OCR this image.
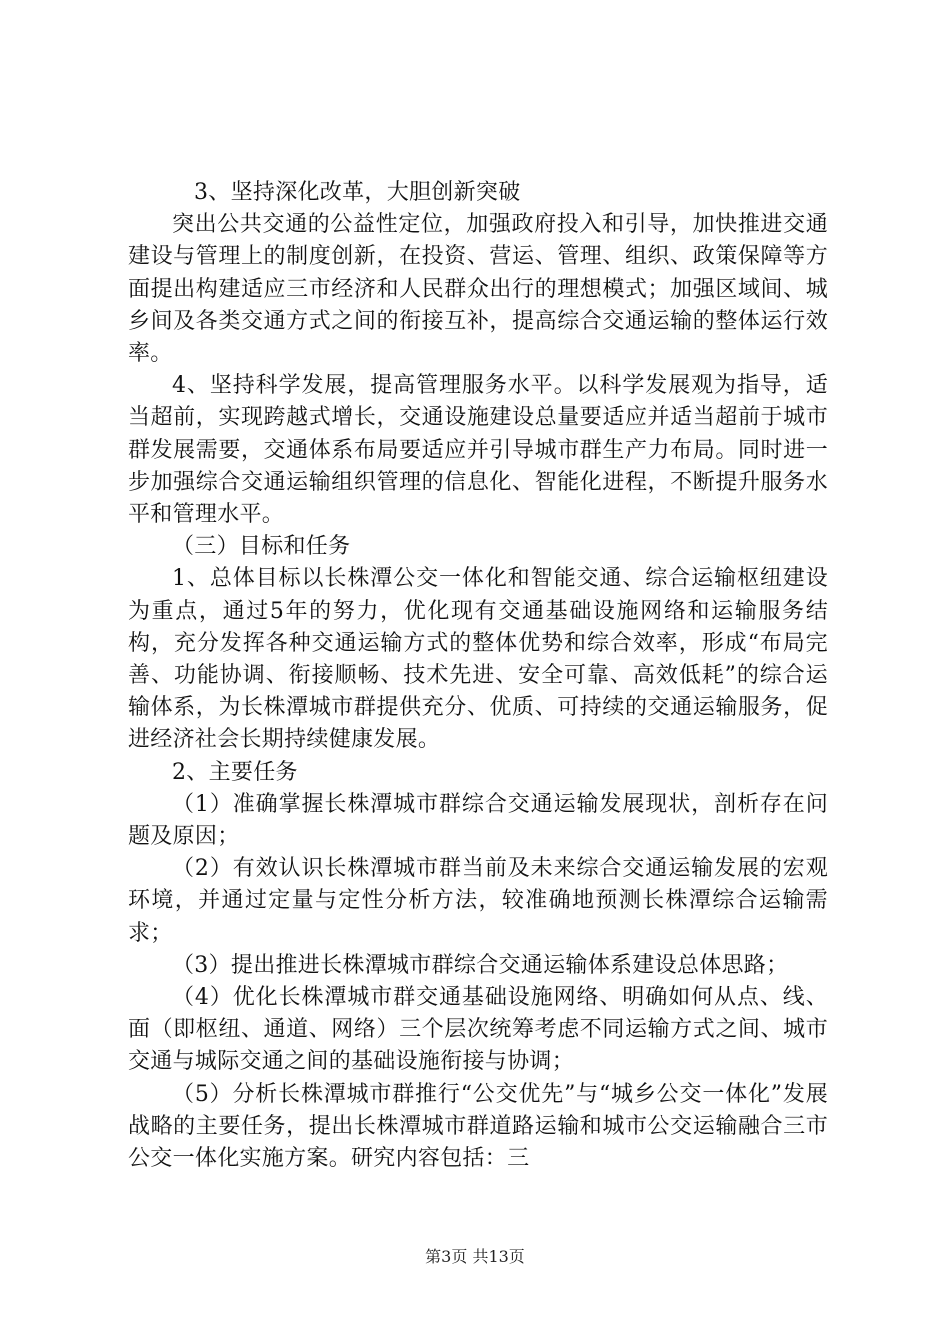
3、坚持深化改革，大胆创新突破

突出公共交通的公益性定位，加强政府投入和引导，加快推进交通建设与管理上的制度创新，在投资、营运、管理、组织、政策保障等方面提出构建适应三市经济和人民群众出行的理想模式；加强区域间、城乡间及各类交通方式之间的衔接互补，提高综合交通运输的整体运行效率。

4、坚持科学发展，提高管理服务水平。以科学发展观为指导，适当超前，实现跨越式增长，交通设施建设总量要适应并适当超前于城市群发展需要，交通体系布局要适应并引导城市群生产力布局。同时进一步加强综合交通运输组织管理的信息化、智能化进程，不断提升服务水平和管理水平。

（三）目标和任务

1、总体目标以长株潭公交一体化和智能交通、综合运输枢纽建设为重点，通过5年的努力，优化现有交通基础设施网络和运输服务结构，充分发挥各种交通运输方式的整体优势和综合效率，形成“布局完善、功能协调、衔接顺畅、技术先进、安全可靠、高效低耗”的综合运输体系，为长株潭城市群提供充分、优质、可持续的交通运输服务，促进经济社会长期持续健康发展。

2、主要任务

（1）准确掌握长株潭城市群综合交通运输发展现状，剖析存在问题及原因；

（2）有效认识长株潭城市群当前及未来综合交通运输发展的宏观环境，并通过定量与定性分析方法，较准确地预测长株潭综合运输需求；

（3）提出推进长株潭城市群综合交通运输体系建设总体思路；

（4）优化长株潭城市群交通基础设施网络、明确如何从点、线、面（即枢纽、通道、网络）三个层次统筹考虑不同运输方式之间、城市交通与城际交通之间的基础设施衔接与协调；

（5）分析长株潭城市群推行“公交优先”与“城乡公交一体化”发展战略的主要任务，提出长株潭城市群道路运输和城市公交运输融合三市公交一体化实施方案。研究内容包括：三

第3页 共13页
